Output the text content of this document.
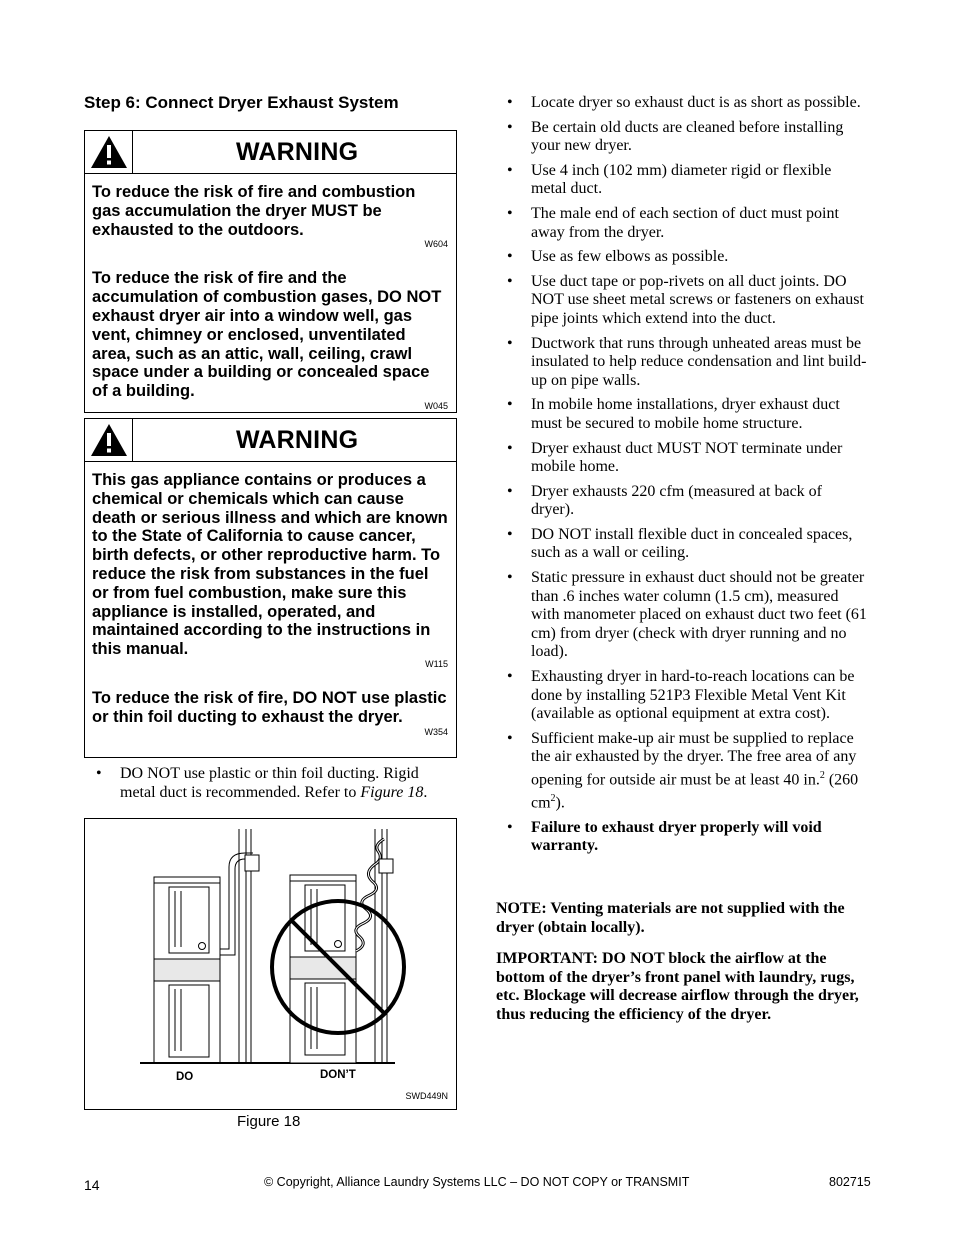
Step 6: Connect Dryer Exhaust System
WARNING
To reduce the risk of fire and combustion gas accumulation the dryer MUST be exhausted to the outdoors.
W604
To reduce the risk of fire and the accumulation of combustion gases, DO NOT exhaust dryer air into a window well, gas vent, chimney or enclosed, unventilated area, such as an attic, wall, ceiling, crawl space under a building or concealed space of a building.
W045
WARNING
This gas appliance contains or produces a chemical or chemicals which can cause death or serious illness and which are known to the State of California to cause cancer, birth defects, or other reproductive harm. To reduce the risk from substances in the fuel or from fuel combustion, make sure this appliance is installed, operated, and maintained according to the instructions in this manual.
W115
To reduce the risk of fire, DO NOT use plastic or thin foil ducting to exhaust the dryer.
W354
•	DO NOT use plastic or thin foil ducting. Rigid metal duct is recommended. Refer to Figure 18.
DO	DON’T
SWD449N
Figure 18
•	Locate dryer so exhaust duct is as short as possible.
•	Be certain old ducts are cleaned before installing your new dryer.
•	Use 4 inch (102 mm) diameter rigid or flexible metal duct.
•	The male end of each section of duct must point away from the dryer.
•	Use as few elbows as possible.
•	Use duct tape or pop-rivets on all duct joints. DO NOT use sheet metal screws or fasteners on exhaust pipe joints which extend into the duct.
•	Ductwork that runs through unheated areas must be insulated to help reduce condensation and lint build-up on pipe walls.
•	In mobile home installations, dryer exhaust duct must be secured to mobile home structure.
•	Dryer exhaust duct MUST NOT terminate under mobile home.
•	Dryer exhausts 220 cfm (measured at back of dryer).
•	DO NOT install flexible duct in concealed spaces, such as a wall or ceiling.
•	Static pressure in exhaust duct should not be greater than .6 inches water column (1.5 cm), measured with manometer placed on exhaust duct two feet (61 cm) from dryer (check with dryer running and no load).
•	Exhausting dryer in hard-to-reach locations can be done by installing 521P3 Flexible Metal Vent Kit (available as optional equipment at extra cost).
•	Sufficient make-up air must be supplied to replace the air exhausted by the dryer. The free area of any opening for outside air must be at least 40 in.$^2$ (260 $cm^2$).
•	Failure to exhaust dryer properly will void warranty.
NOTE: Venting materials are not supplied with the dryer (obtain locally).
IMPORTANT: DO NOT block the airflow at the bottom of the dryer’s front panel with laundry, rugs, etc. Blockage will decrease airflow through the dryer, thus reducing the efficiency of the dryer.
14	© Copyright, Alliance Laundry Systems LLC – DO NOT COPY or TRANSMIT	802715
